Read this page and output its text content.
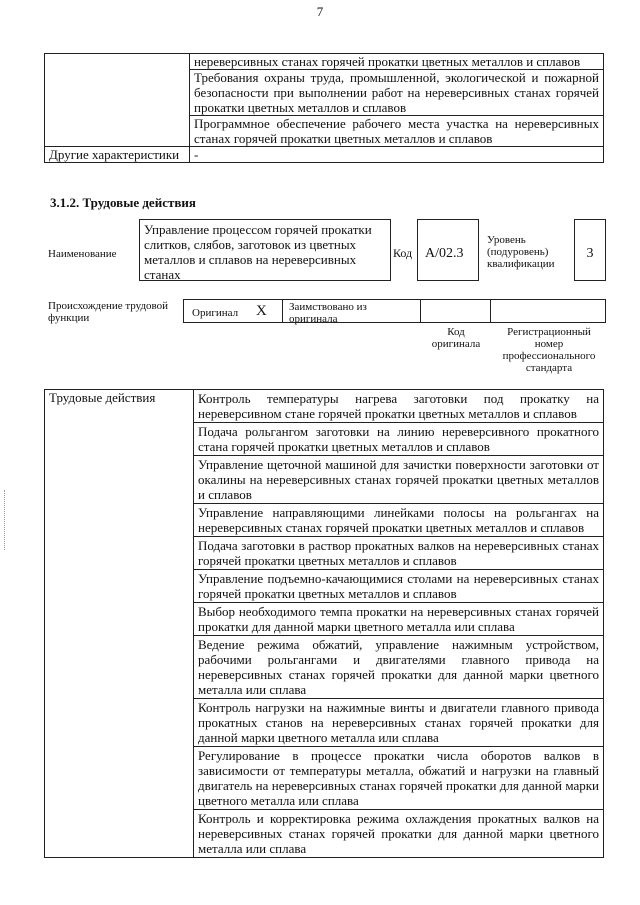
7
	нереверсивных станах горячей прокатки цветных металлов и сплавов
	Требования охраны труда, промышленной, экологической и пожарной безопасности при выполнении работ на нереверсивных станах горячей прокатки цветных металлов и сплавов
	Программное обеспечение рабочего места участка на нереверсивных станах горячей прокатки цветных металлов и сплавов
Другие характеристики	-
3.1.2. Трудовые действия
Наименование
Управление процессом горячей прокатки слитков, слябов, заготовок из цветных металлов и сплавов на нереверсивных станах
Код A/02.3
Уровень (подуровень) квалификации
3
Происхождение трудовой функции	Оригинал X Заимствовано из оригинала
Код оригинала
Регистрационный номер профессионального стандарта
Трудовые действия	Контроль температуры нагрева заготовки под прокатку на нереверсивном стане горячей прокатки цветных металлов и сплавов
Подача рольгангом заготовки на линию нереверсивного прокатного стана горячей прокатки цветных металлов и сплавов
Управление щеточной машиной для зачистки поверхности заготовки от окалины на нереверсивных станах горячей прокатки цветных металлов и сплавов
Управление направляющими линейками полосы на рольгангах на нереверсивных станах горячей прокатки цветных металлов и сплавов
Подача заготовки в раствор прокатных валков на нереверсивных станах горячей прокатки цветных металлов и сплавов
Управление подъемно-качающимися столами на нереверсивных станах горячей прокатки цветных металлов и сплавов
Выбор необходимого темпа прокатки на нереверсивных станах горячей прокатки для данной марки цветного металла или сплава
Ведение режима обжатий, управление нажимным устройством, рабочими рольгангами и двигателями главного привода на нереверсивных станах горячей прокатки для данной марки цветного металла или сплава
Контроль нагрузки на нажимные винты и двигатели главного привода прокатных станов на нереверсивных станах горячей прокатки для данной марки цветного металла или сплава
Регулирование в процессе прокатки числа оборотов валков в зависимости от температуры металла, обжатий и нагрузки на главный двигатель на нереверсивных станах горячей прокатки для данной марки цветного металла или сплава
Контроль и корректировка режима охлаждения прокатных валков на нереверсивных станах горячей прокатки для данной марки цветного металла или сплава
